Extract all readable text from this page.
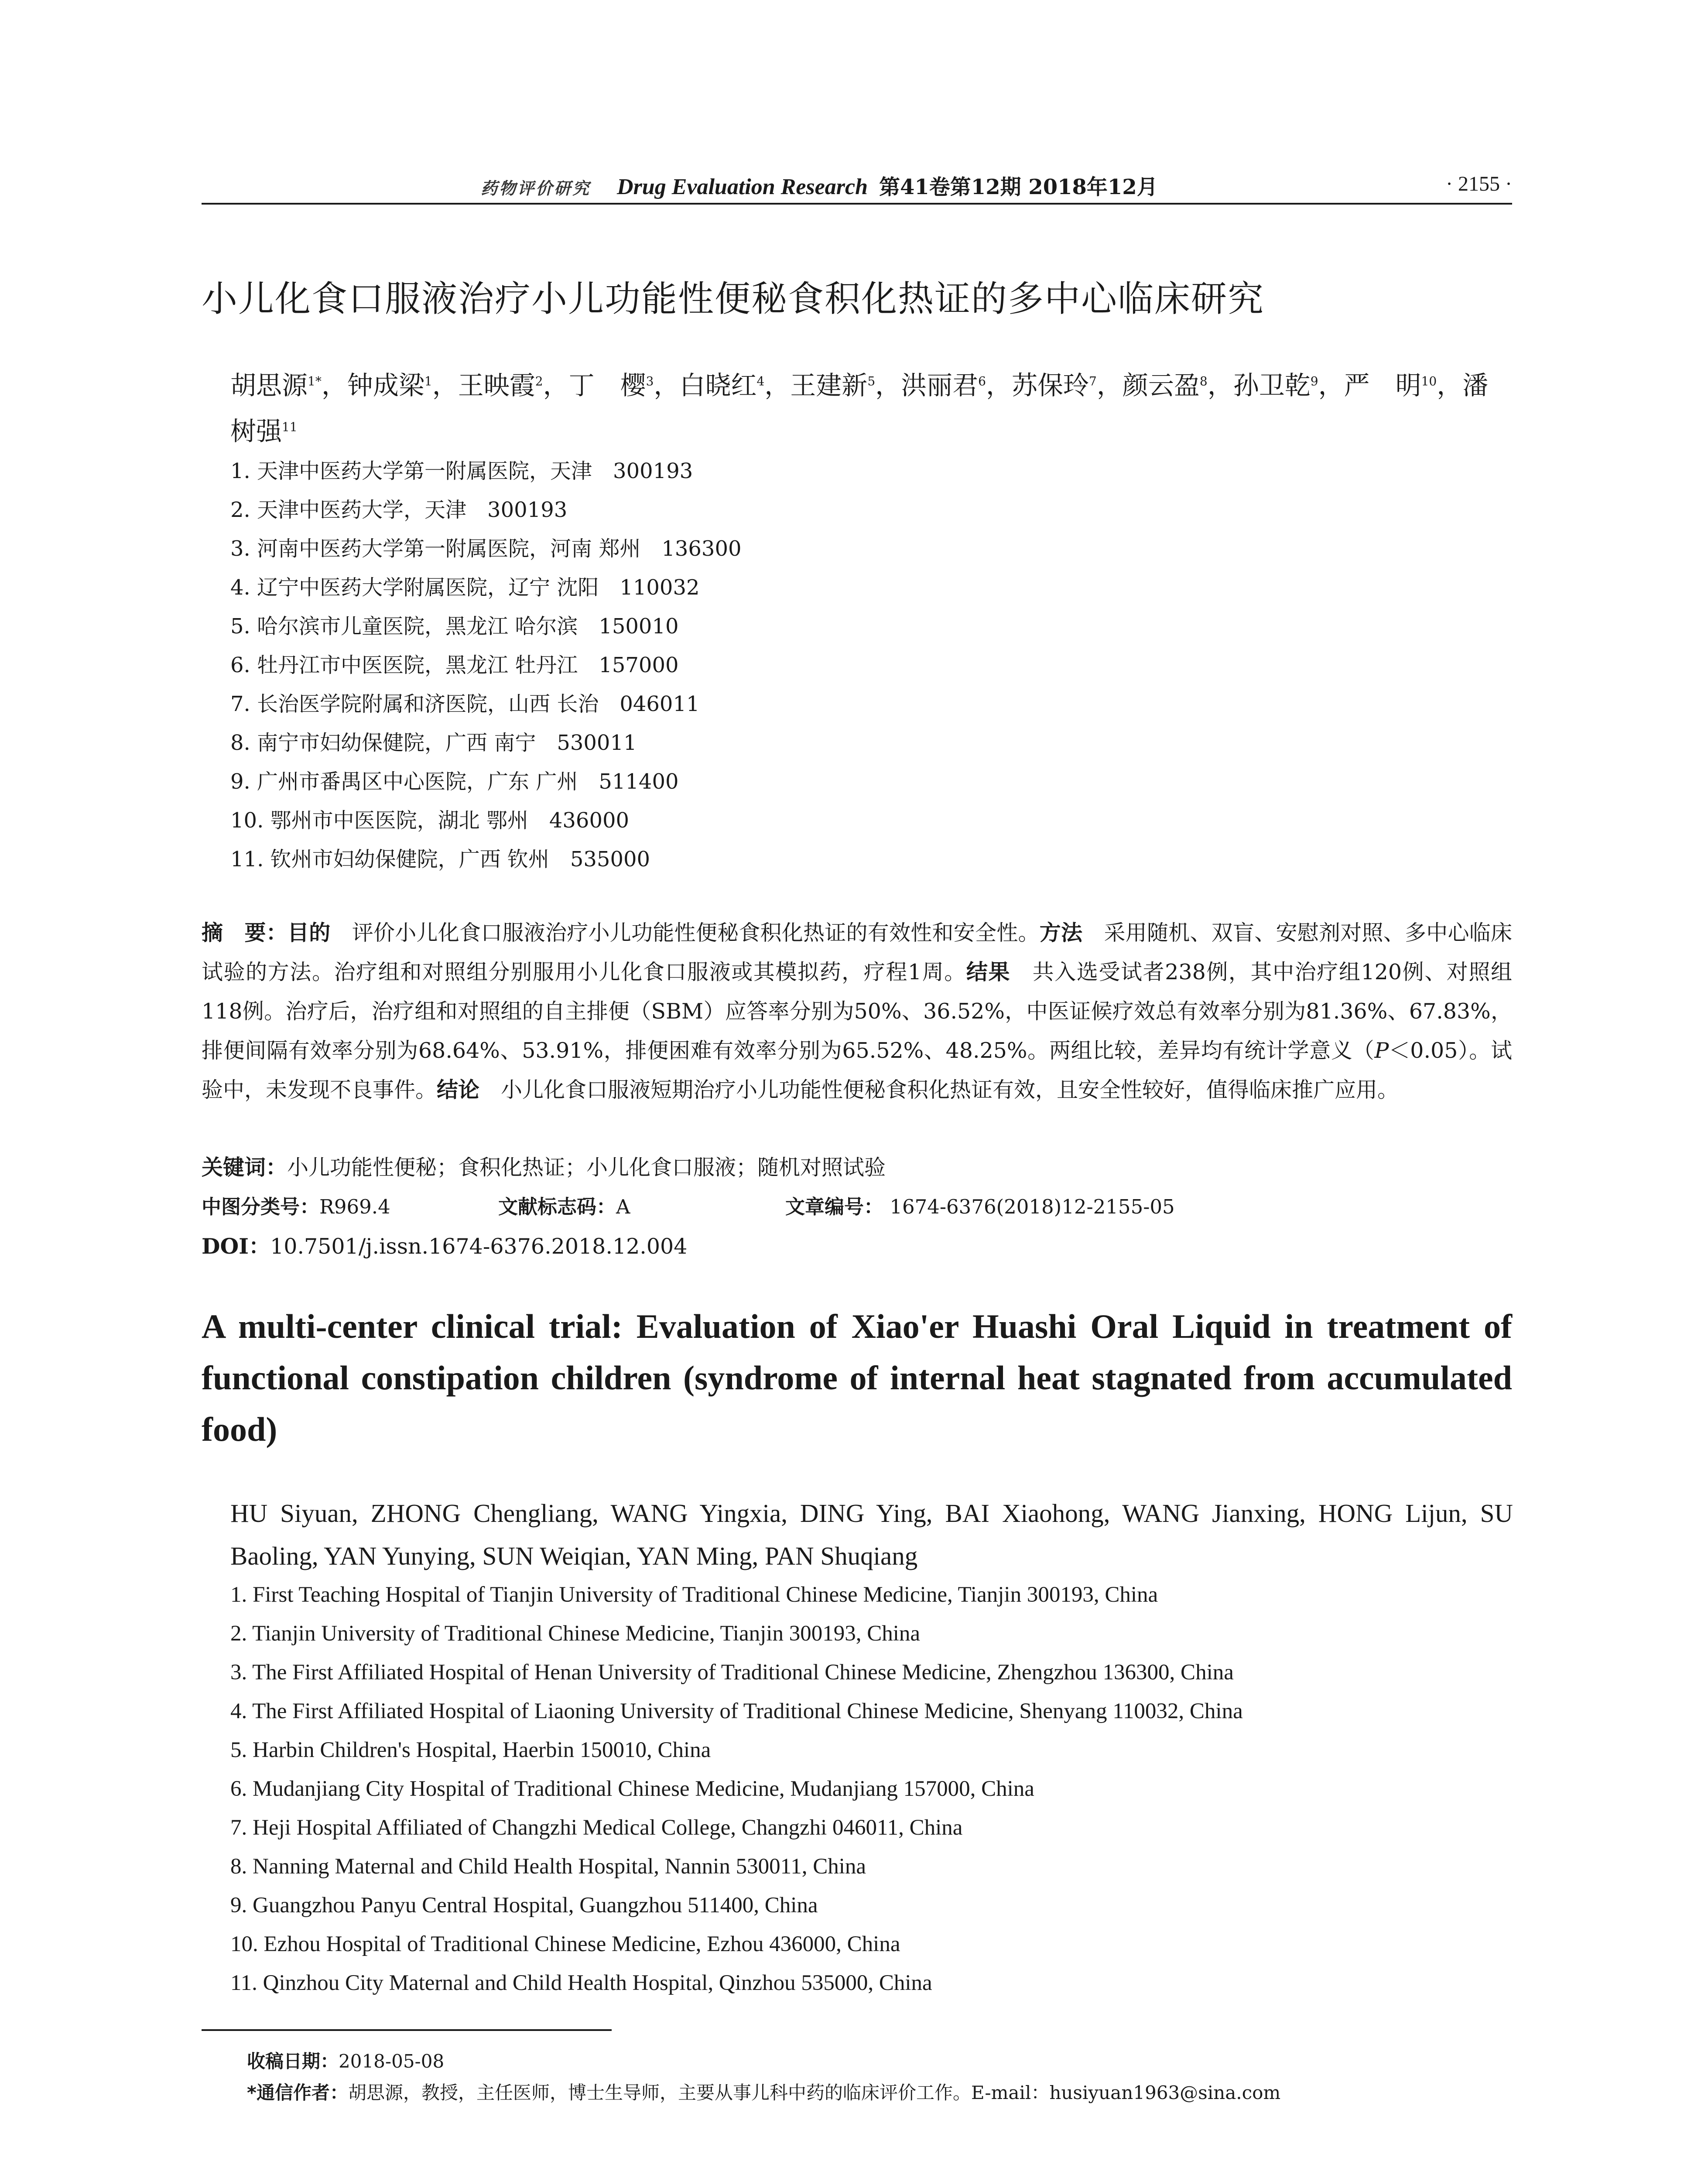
药物评价研究 Drug Evaluation Research 第41卷第12期 2018年12月	· 2155 ·
小儿化食口服液治疗小儿功能性便秘食积化热证的多中心临床研究
胡思源$^{1*}$，钟成梁$^1$，王映霞$^2$，丁　樱$^3$，白晓红$^4$，王建新$^5$，洪丽君$^6$，苏保玲$^7$，颜云盈$^8$，孙卫乾$^9$，严　明$^{10}$，潘树强$^{11}$
1. 天津中医药大学第一附属医院，天津　300193
2. 天津中医药大学，天津　300193
3. 河南中医药大学第一附属医院，河南 郑州　136300
4. 辽宁中医药大学附属医院，辽宁 沈阳　110032
5. 哈尔滨市儿童医院，黑龙江 哈尔滨　150010
6. 牡丹江市中医医院，黑龙江 牡丹江　157000
7. 长治医学院附属和济医院，山西 长治　046011
8. 南宁市妇幼保健院，广西 南宁　530011
9. 广州市番禺区中心医院，广东 广州　511400
10. 鄂州市中医医院，湖北 鄂州　436000
11. 钦州市妇幼保健院，广西 钦州　535000
摘　要：目的　评价小儿化食口服液治疗小儿功能性便秘食积化热证的有效性和安全性。方法　采用随机、双盲、安慰剂对照、多中心临床试验的方法。治疗组和对照组分别服用小儿化食口服液或其模拟药，疗程1周。结果　共入选受试者238例，其中治疗组120例、对照组118例。治疗后，治疗组和对照组的自主排便（SBM）应答率分别为50%、36.52%，中医证候疗效总有效率分别为81.36%、67.83%，排便间隔有效率分别为68.64%、53.91%，排便困难有效率分别为65.52%、48.25%。两组比较，差异均有统计学意义（P＜0.05）。试验中，未发现不良事件。结论　小儿化食口服液短期治疗小儿功能性便秘食积化热证有效，且安全性较好，值得临床推广应用。
关键词：小儿功能性便秘；食积化热证；小儿化食口服液；随机对照试验
中图分类号：R969.4	文献标志码：A	文章编号： 1674-6376(2018)12-2155-05
DOI：10.7501/j.issn.1674-6376.2018.12.004
A multi-center clinical trial: Evaluation of Xiao'er Huashi Oral Liquid in treatment of functional constipation children (syndrome of internal heat stagnated from accumulated food)
HU Siyuan, ZHONG Chengliang, WANG Yingxia, DING Ying, BAI Xiaohong, WANG Jianxing, HONG Lijun, SU Baoling, YAN Yunying, SUN Weiqian, YAN Ming, PAN Shuqiang
1. First Teaching Hospital of Tianjin University of Traditional Chinese Medicine, Tianjin 300193, China
2. Tianjin University of Traditional Chinese Medicine, Tianjin 300193, China
3. The First Affiliated Hospital of Henan University of Traditional Chinese Medicine, Zhengzhou 136300, China
4. The First Affiliated Hospital of Liaoning University of Traditional Chinese Medicine, Shenyang 110032, China
5. Harbin Children's Hospital, Haerbin 150010, China
6. Mudanjiang City Hospital of Traditional Chinese Medicine, Mudanjiang 157000, China
7. Heji Hospital Affiliated of Changzhi Medical College, Changzhi 046011, China
8. Nanning Maternal and Child Health Hospital, Nannin 530011, China
9. Guangzhou Panyu Central Hospital, Guangzhou 511400, China
10. Ezhou Hospital of Traditional Chinese Medicine, Ezhou 436000, China
11. Qinzhou City Maternal and Child Health Hospital, Qinzhou 535000, China
收稿日期：2018-05-08
*通信作者：胡思源，教授，主任医师，博士生导师，主要从事儿科中药的临床评价工作。E-mail：husiyuan1963@sina.com
